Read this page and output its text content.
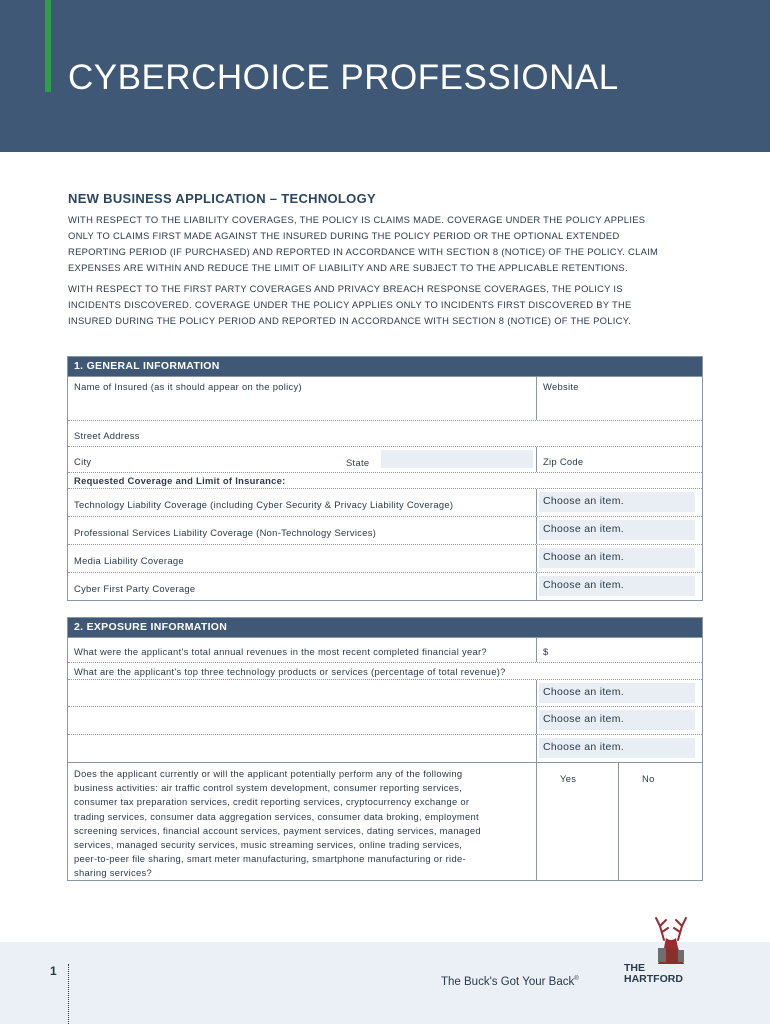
CYBERCHOICE PROFESSIONAL
NEW BUSINESS APPLICATION – TECHNOLOGY
WITH RESPECT TO THE LIABILITY COVERAGES, THE POLICY IS CLAIMS MADE. COVERAGE UNDER THE POLICY APPLIES
ONLY TO CLAIMS FIRST MADE AGAINST THE INSURED DURING THE POLICY PERIOD OR THE OPTIONAL EXTENDED
REPORTING PERIOD (IF PURCHASED) AND REPORTED IN ACCORDANCE WITH SECTION 8 (NOTICE) OF THE POLICY. CLAIM
EXPENSES ARE WITHIN AND REDUCE THE LIMIT OF LIABILITY AND ARE SUBJECT TO THE APPLICABLE RETENTIONS.
WITH RESPECT TO THE FIRST PARTY COVERAGES AND PRIVACY BREACH RESPONSE COVERAGES, THE POLICY IS
INCIDENTS DISCOVERED. COVERAGE UNDER THE POLICY APPLIES ONLY TO INCIDENTS FIRST DISCOVERED BY THE
INSURED DURING THE POLICY PERIOD AND REPORTED IN ACCORDANCE WITH SECTION 8 (NOTICE) OF THE POLICY.
1. GENERAL INFORMATION
Name of Insured (as it should appear on the policy)	Website
Street Address
City	State	Zip Code
Requested Coverage and Limit of Insurance:
Technology Liability Coverage (including Cyber Security & Privacy Liability Coverage)	Choose an item.
Professional Services Liability Coverage (Non-Technology Services)	Choose an item.
Media Liability Coverage	Choose an item.
Cyber First Party Coverage	Choose an item.
2. EXPOSURE INFORMATION
What were the applicant's total annual revenues in the most recent completed financial year?	$
What are the applicant's top three technology products or services (percentage of total revenue)?
Choose an item.
Choose an item.
Choose an item.
Does the applicant currently or will the applicant potentially perform any of the following
business activities: air traffic control system development, consumer reporting services,
consumer tax preparation services, credit reporting services, cryptocurrency exchange or
trading services, consumer data aggregation services, consumer data broking, employment
screening services, financial account services, payment services, dating services, managed
services, managed security services, music streaming services, online trading services,
peer-to-peer file sharing, smart meter manufacturing, smartphone manufacturing or ride-
sharing services?
Yes	No
1
The Buck's Got Your Back®
THE
HARTFORD
